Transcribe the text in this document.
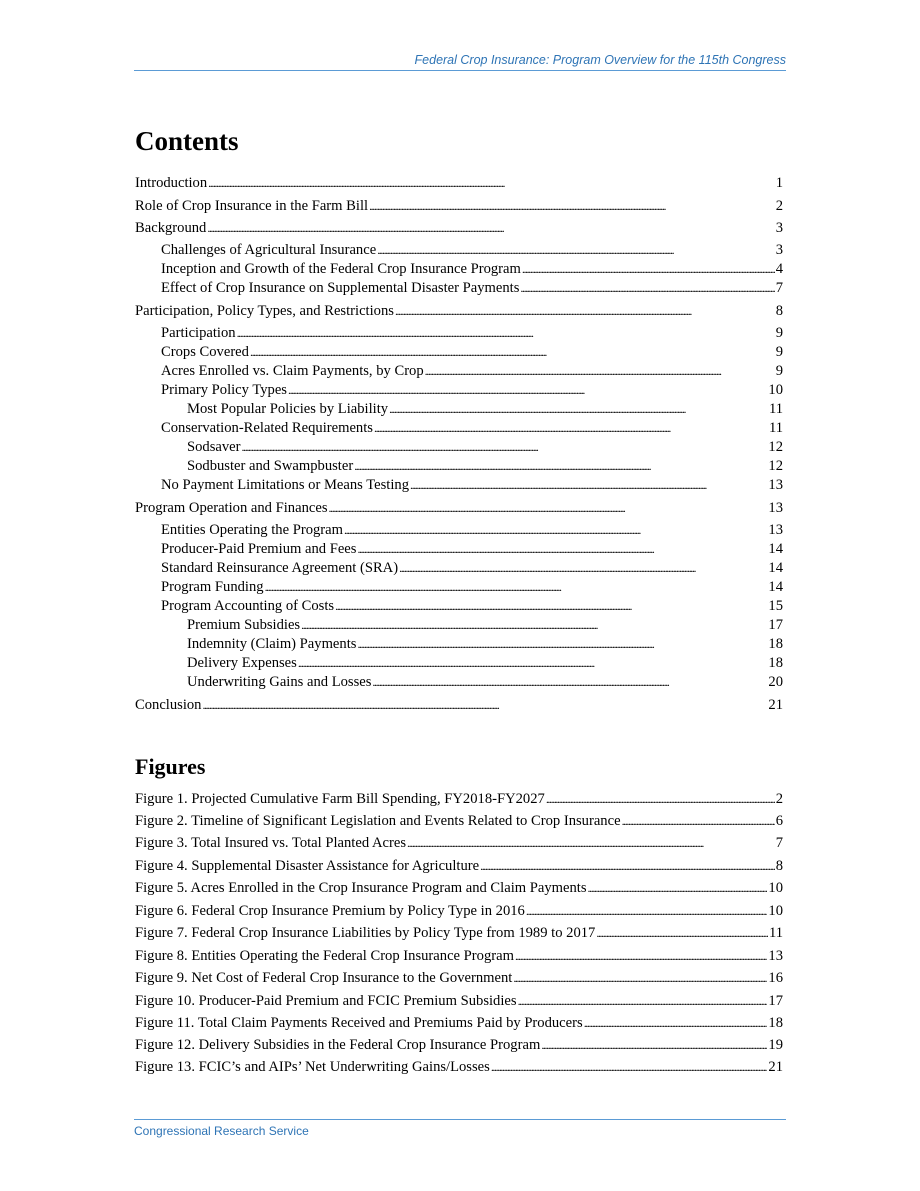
Federal Crop Insurance: Program Overview for the 115th Congress
Contents
Introduction . . .	1
Role of Crop Insurance in the Farm Bill . . .	2
Background . . .	3
Challenges of Agricultural Insurance . . .	3
Inception and Growth of the Federal Crop Insurance Program . . .	4
Effect of Crop Insurance on Supplemental Disaster Payments . . .	7
Participation, Policy Types, and Restrictions . . .	8
Participation . . .	9
Crops Covered . . .	9
Acres Enrolled vs. Claim Payments, by Crop . . .	9
Primary Policy Types . . .	10
Most Popular Policies by Liability . . .	11
Conservation-Related Requirements . . .	11
Sodsaver . . .	12
Sodbuster and Swampbuster . . .	12
No Payment Limitations or Means Testing . . .	13
Program Operation and Finances . . .	13
Entities Operating the Program . . .	13
Producer-Paid Premium and Fees . . .	14
Standard Reinsurance Agreement (SRA) . . .	14
Program Funding . . .	14
Program Accounting of Costs . . .	15
Premium Subsidies . . .	17
Indemnity (Claim) Payments . . .	18
Delivery Expenses . . .	18
Underwriting Gains and Losses . . .	20
Conclusion . . .	21
Figures
Figure 1. Projected Cumulative Farm Bill Spending, FY2018-FY2027 . . .	2
Figure 2. Timeline of Significant Legislation and Events Related to Crop Insurance . . .	6
Figure 3. Total Insured vs. Total Planted Acres . . .	7
Figure 4. Supplemental Disaster Assistance for Agriculture . . .	8
Figure 5. Acres Enrolled in the Crop Insurance Program and Claim Payments . . .	10
Figure 6. Federal Crop Insurance Premium by Policy Type in 2016 . . .	10
Figure 7. Federal Crop Insurance Liabilities by Policy Type from 1989 to 2017 . . .	11
Figure 8. Entities Operating the Federal Crop Insurance Program . . .	13
Figure 9. Net Cost of Federal Crop Insurance to the Government . . .	16
Figure 10. Producer-Paid Premium and FCIC Premium Subsidies . . .	17
Figure 11. Total Claim Payments Received and Premiums Paid by Producers . . .	18
Figure 12. Delivery Subsidies in the Federal Crop Insurance Program . . .	19
Figure 13. FCIC’s and AIPs’ Net Underwriting Gains/Losses . . .	21
Congressional Research Service
